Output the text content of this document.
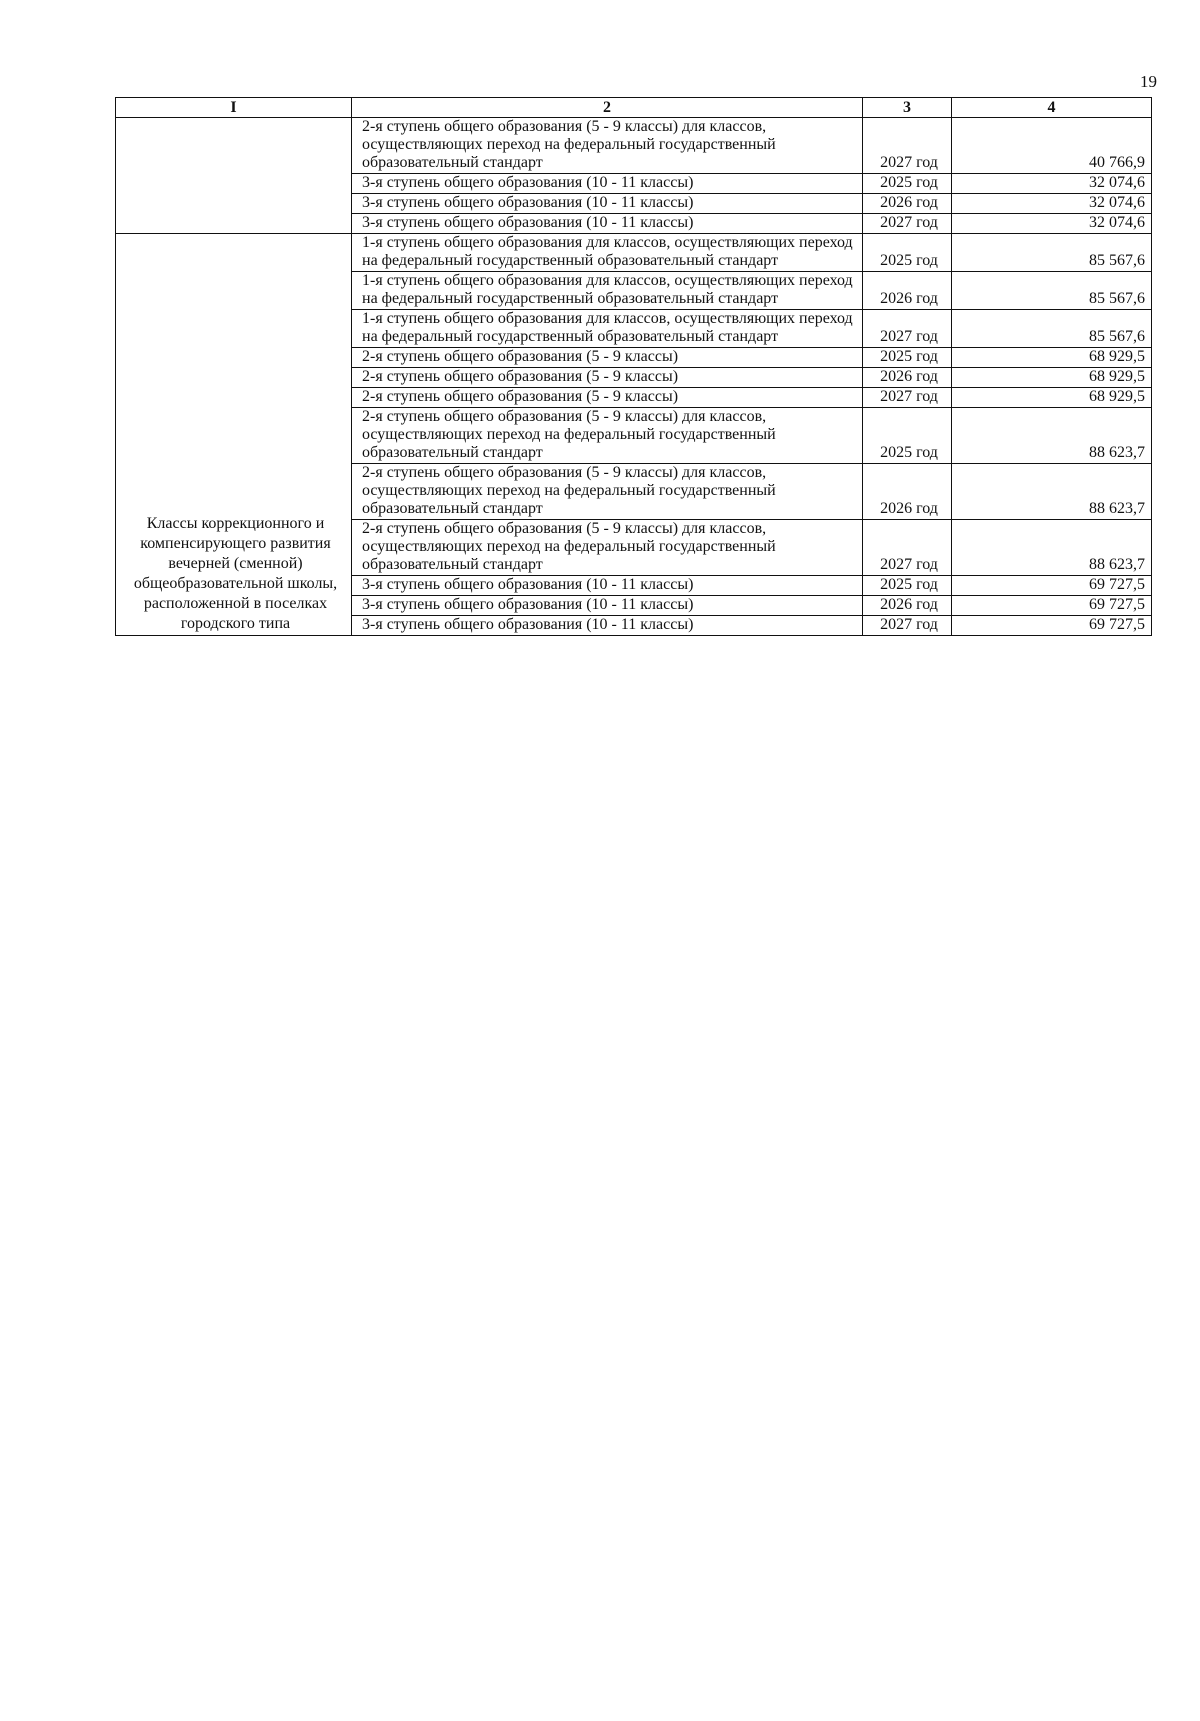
19
I	2	3	4
	2-я ступень общего образования (5 - 9 классы) для классов, осуществляющих переход на федеральный государственный образовательный стандарт	2027 год	40 766,9
	3-я ступень общего образования (10 - 11 классы)	2025 год	32 074,6
	3-я ступень общего образования (10 - 11 классы)	2026 год	32 074,6
	3-я ступень общего образования (10 - 11 классы)	2027 год	32 074,6
Классы коррекционного и компенсирующего развития вечерней (сменной) общеобразовательной школы, расположенной в поселках городского типа	1-я ступень общего образования для классов, осуществляющих переход на федеральный государственный образовательный стандарт	2025 год	85 567,6
	1-я ступень общего образования для классов, осуществляющих переход на федеральный государственный образовательный стандарт	2026 год	85 567,6
	1-я ступень общего образования для классов, осуществляющих переход на федеральный государственный образовательный стандарт	2027 год	85 567,6
	2-я ступень общего образования (5 - 9 классы)	2025 год	68 929,5
	2-я ступень общего образования (5 - 9 классы)	2026 год	68 929,5
	2-я ступень общего образования (5 - 9 классы)	2027 год	68 929,5
	2-я ступень общего образования (5 - 9 классы) для классов, осуществляющих переход на федеральный государственный образовательный стандарт	2025 год	88 623,7
	2-я ступень общего образования (5 - 9 классы) для классов, осуществляющих переход на федеральный государственный образовательный стандарт	2026 год	88 623,7
	2-я ступень общего образования (5 - 9 классы) для классов, осуществляющих переход на федеральный государственный образовательный стандарт	2027 год	88 623,7
	3-я ступень общего образования (10 - 11 классы)	2025 год	69 727,5
	3-я ступень общего образования (10 - 11 классы)	2026 год	69 727,5
	3-я ступень общего образования (10 - 11 классы)	2027 год	69 727,5
